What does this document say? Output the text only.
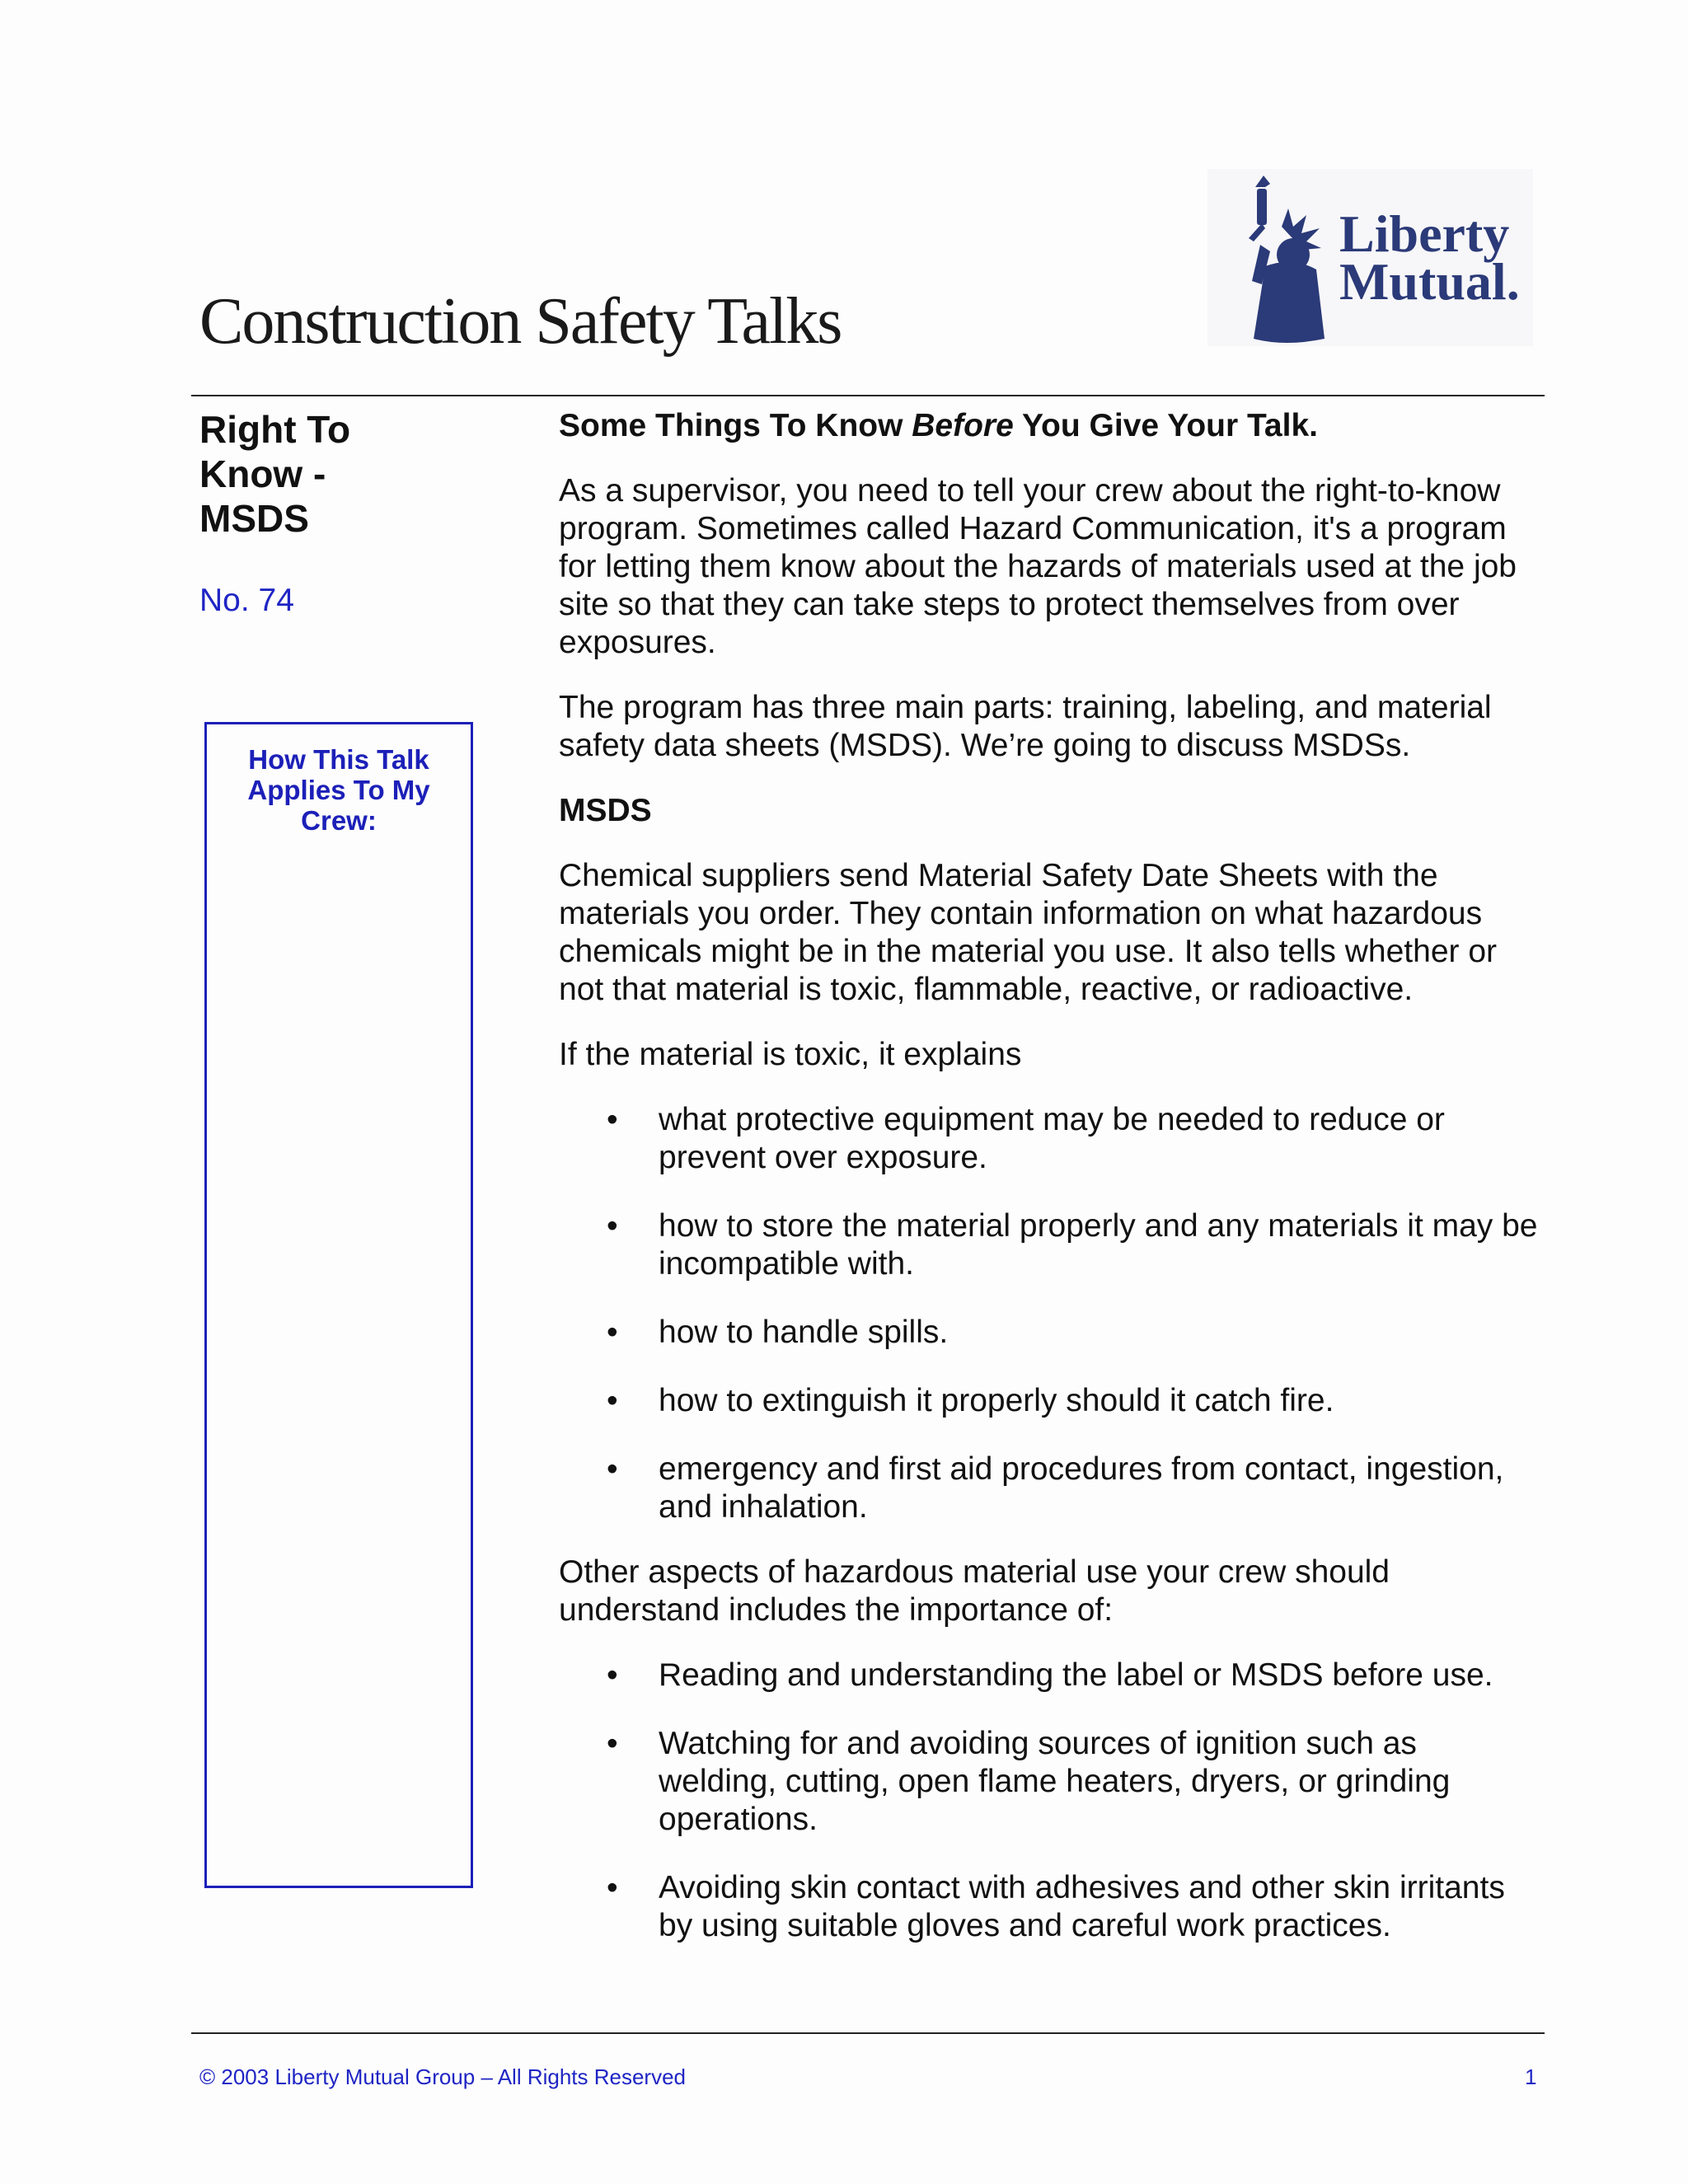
Construction Safety Talks
Liberty
Mutual.
Right To Know - MSDS
No. 74
How This Talk Applies To My Crew:
Some Things To Know Before You Give Your Talk.

As a supervisor, you need to tell your crew about the right-to-know program. Sometimes called Hazard Communication, it's a program for letting them know about the hazards of materials used at the job site so that they can take steps to protect themselves from over exposures.

The program has three main parts: training, labeling, and material safety data sheets (MSDS). We’re going to discuss MSDSs.

MSDS

Chemical suppliers send Material Safety Date Sheets with the materials you order. They contain information on what hazardous chemicals might be in the material you use. It also tells whether or not that material is toxic, flammable, reactive, or radioactive.

If the material is toxic, it explains

• what protective equipment may be needed to reduce or prevent over exposure.
• how to store the material properly and any materials it may be incompatible with.
• how to handle spills.
• how to extinguish it properly should it catch fire.
• emergency and first aid procedures from contact, ingestion, and inhalation.

Other aspects of hazardous material use your crew should understand includes the importance of:

• Reading and understanding the label or MSDS before use.
• Watching for and avoiding sources of ignition such as welding, cutting, open flame heaters, dryers, or grinding operations.
• Avoiding skin contact with adhesives and other skin irritants by using suitable gloves and careful work practices.
© 2003 Liberty Mutual Group – All Rights Reserved	1
